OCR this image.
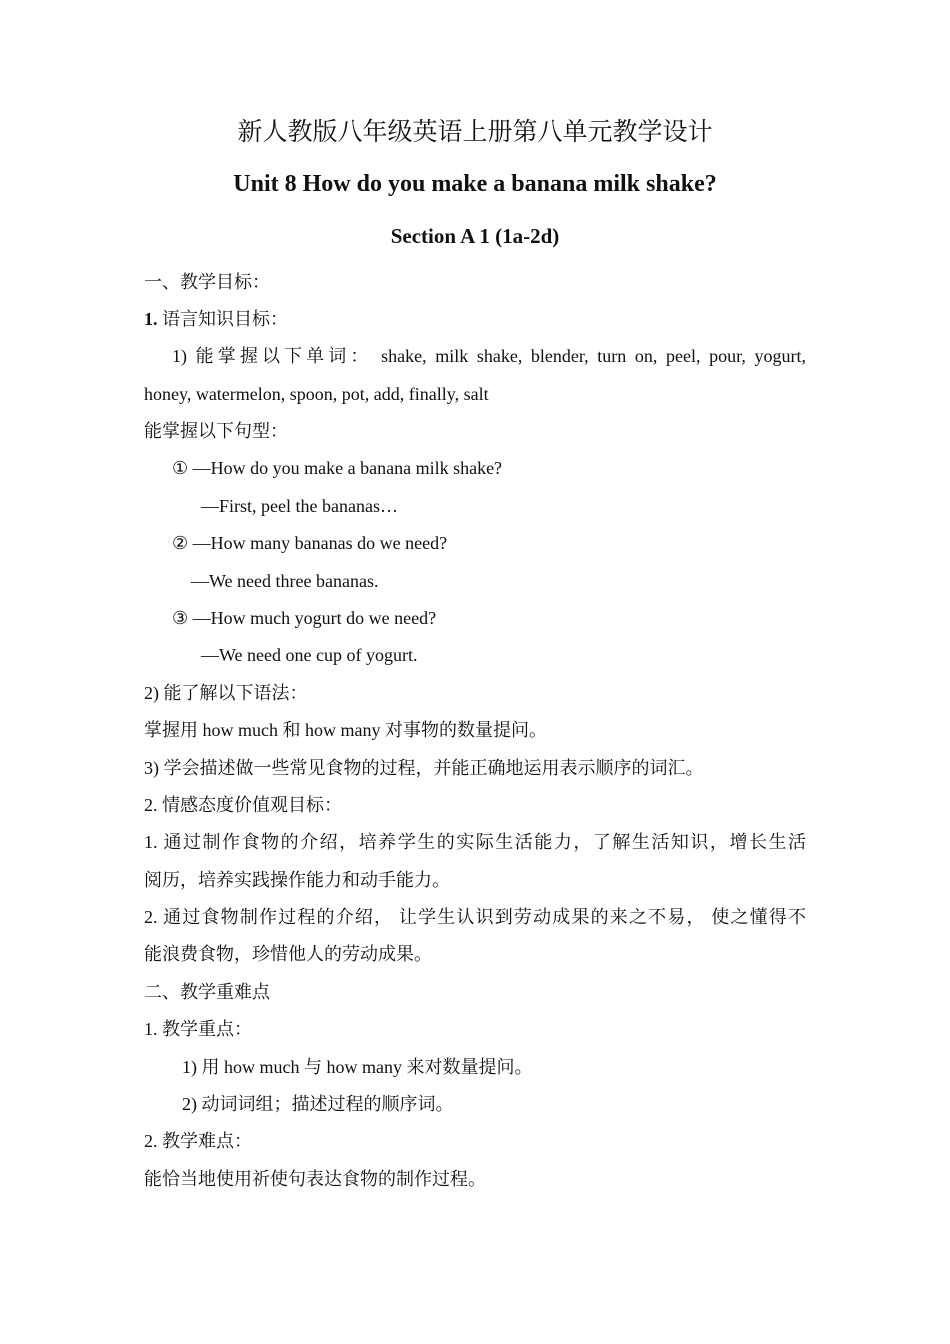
新人教版八年级英语上册第八单元教学设计
Unit 8 How do you make a banana milk shake?
Section A 1 (1a-2d)
一、教学目标：
1. 语言知识目标：
1) 能掌握以下单词： shake, milk shake, blender, turn on, peel, pour, yogurt,
honey, watermelon, spoon, pot, add, finally, salt
能掌握以下句型：
① —How do you make a banana milk shake?
—First, peel the bananas…
② —How many bananas do we need?
—We need three bananas.
③ —How much yogurt do we need?
—We need one cup of yogurt.
2) 能了解以下语法：
掌握用 how much 和 how many 对事物的数量提问。
3) 学会描述做一些常见食物的过程，并能正确地运用表示顺序的词汇。
2. 情感态度价值观目标：
1. 通过制作食物的介绍，培养学生的实际生活能力，了解生活知识，增长生活
阅历，培养实践操作能力和动手能力。
2. 通过食物制作过程的介绍， 让学生认识到劳动成果的来之不易， 使之懂得不
能浪费食物，珍惜他人的劳动成果。
二、教学重难点
1. 教学重点：
1) 用 how much 与 how many 来对数量提问。
2) 动词词组；描述过程的顺序词。
2. 教学难点：
能恰当地使用祈使句表达食物的制作过程。
